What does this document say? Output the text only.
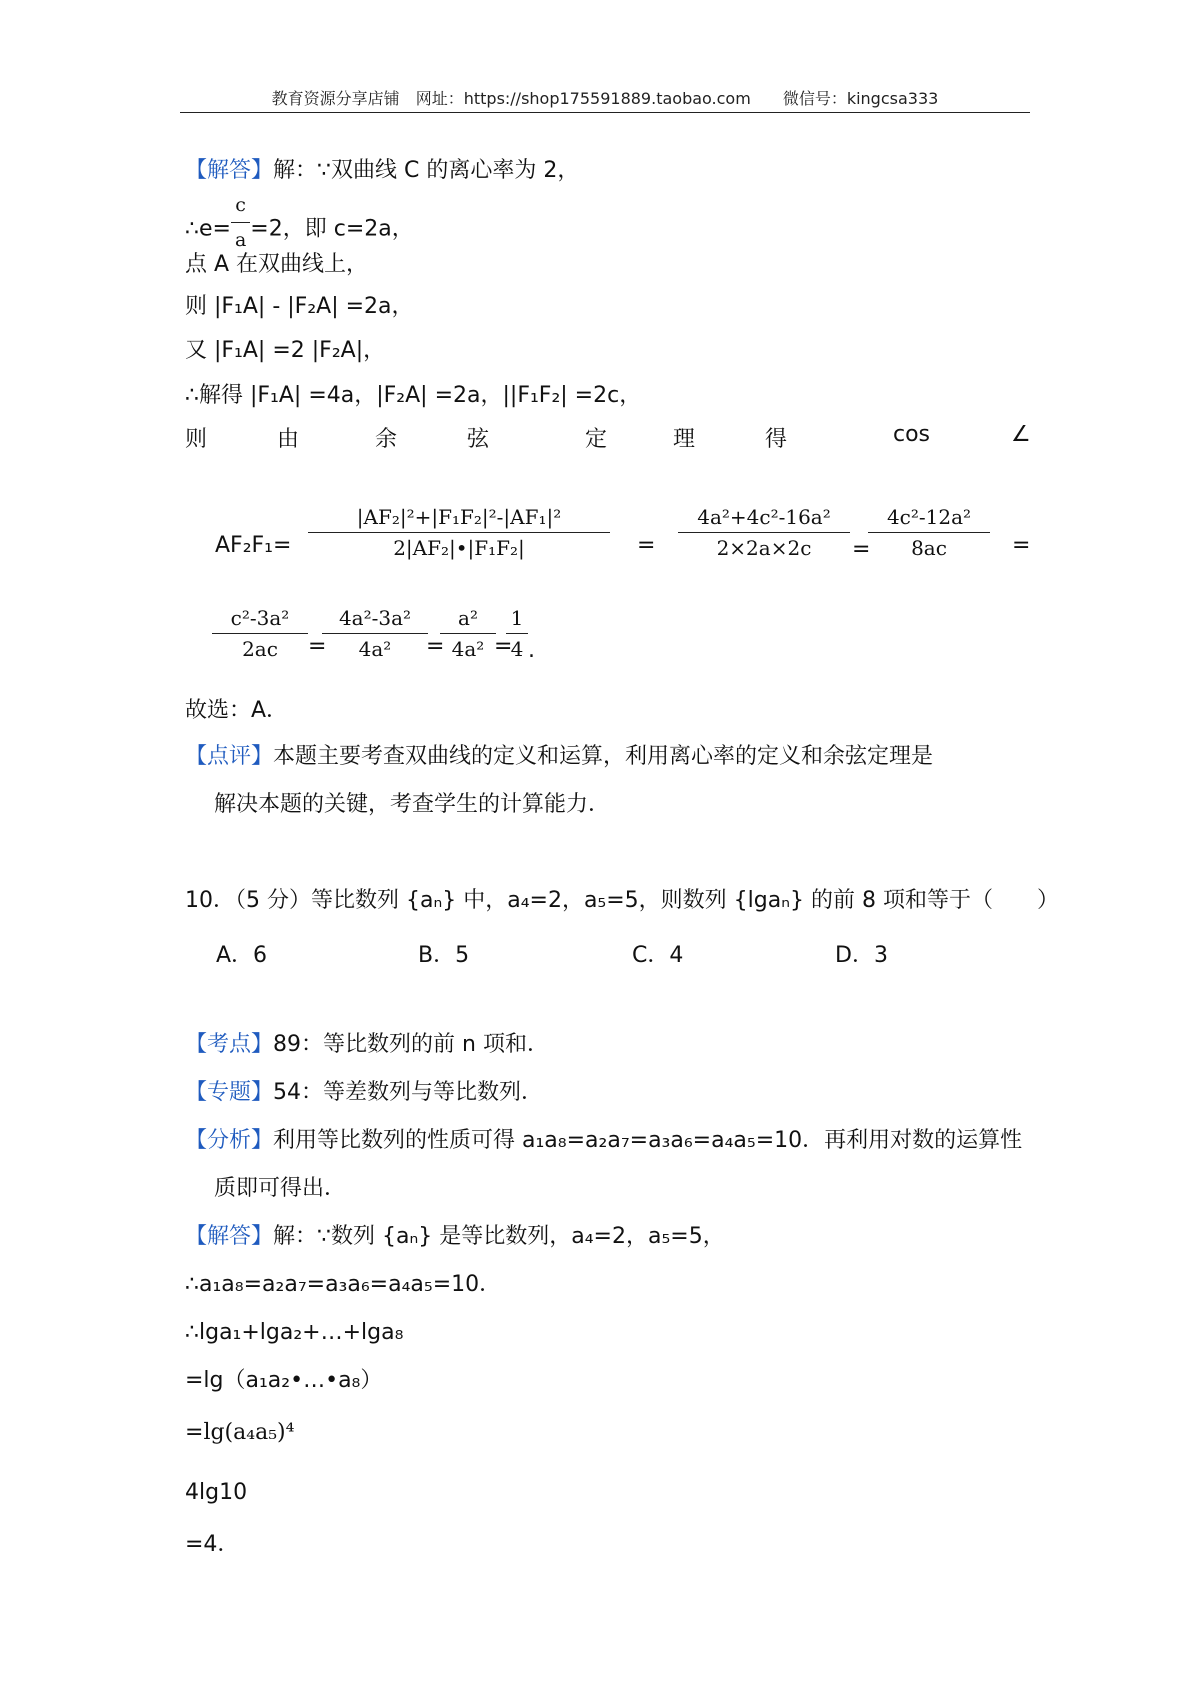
教育资源分享店铺　 网址：https://shop175591889.taobao.com　　 微信号：kingcsa333
【解答】解：∵双曲线 C 的离心率为 2，
∴e= $\frac{c}{a} =2$，即 c=2a，
点 A 在双曲线上，
则 |F₁A| - |F₂A| =2a，
又 |F₁A| =2 |F₂A|，
∴解得 |F₁A| =4a，|F₂A| =2a，||F₁F₂| =2c，
则	由	余	弦	定	理	得	cos	∠
$AF_2F_1= \frac{\text{|AF₂|²+|F₁F₂|²-|AF₁|²}}{\text{2|AF₂|•|F₁F₂|}} = \frac{\text{4a²+4c²-16a²}}{2\times 2a\times 2c}$ =
$\frac{\text{4c²-12a²}}{8ac}$ =
$\frac{\text{c²-3a²}}{2ac}$ =
$\frac{\text{4a²-3a²}}{\text{4a²}}$
=
$\frac{\text{a²}}{\text{4a²}}$
=
$\frac{1}{4}$ .
故选：A．
【点评】本题主要考查双曲线的定义和运算，利用离心率的定义和余弦定理是
解决本题的关键，考查学生的计算能力．
10．（5 分）等比数列 {aₙ} 中，a₄=2，a₅=5，则数列 {lgaₙ} 的前 8 项和等于（　　）
A．6	B．5	C．4	D．3
【考点】89：等比数列的前 n 项和．
【专题】54：等差数列与等比数列．
【分析】利用等比数列的性质可得 a₁a₈=a₂a₇=a₃a₆=a₄a₅=10．再利用对数的运算性
质即可得出．
【解答】解：∵数列 {aₙ} 是等比数列，a₄=2，a₅=5，
∴a₁a₈=a₂a₇=a₃a₆=a₄a₅=10．
∴lga₁+lga₂+…+lga₈
=lg（a₁a₂•…•a₈）
=lg(a₄a₅)⁴
4lg10
=4．
